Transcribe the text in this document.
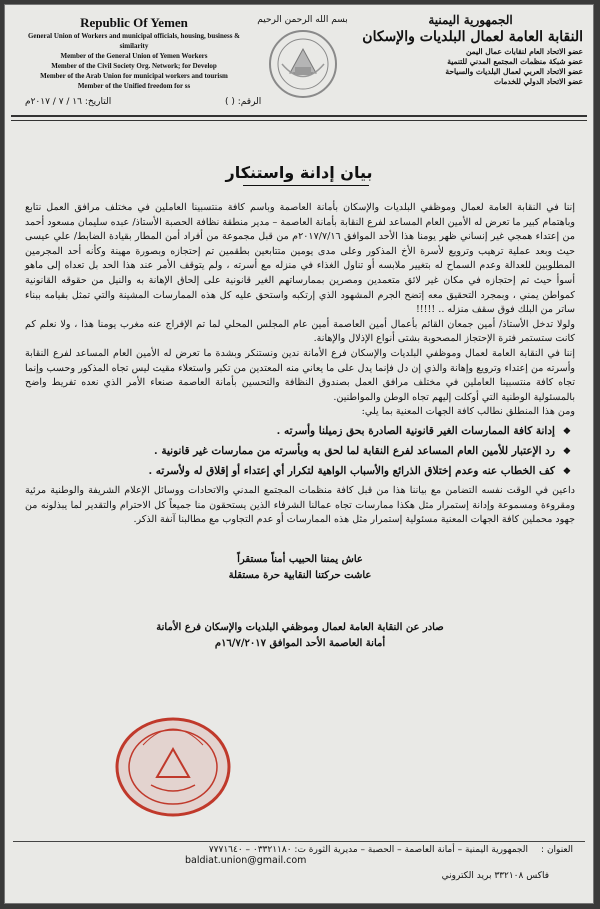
Republic Of Yemen
General Union of Workers and municipal officials, housing, business & similarity
Member of the General Union of Yemen Workers
Member of the Civil Society Org. Network; for Develop
Member of the Arab Union for municipal workers and tourism
Member of the Unified freedom for ss
بسم الله الرحمن الرحيم	الجمهورية اليمنية
النقابة العامة لعمال البلديات والإسكان
عضو الاتحاد العام لنقابات عمال اليمن
عضو شبكة منظمات المجتمع المدني للتنمية
عضو الاتحاد العربي لعمال البلديات والسياحة
عضو الاتحاد الدولي للخدمات
التاريخ: ١٦ / ٧ / ٢٠١٧م	الرقم: ( )
بيان إدانة واستنكار

إننا في النقابة العامة لعمال وموظفي البلديات والإسكان بأمانة العاصمة وباسم كافة منتسبينا العاملين في مختلف مرافق العمل نتابع وباهتمام كبير ما تعرض له الأمين العام المساعد لفرع النقابة بأمانة العاصمة – مدير منطقة نظافة الحصبة الأستاذ/ عبده سليمان مسعود أحمد من إعتداء همجي غير إنساني ظهر يومنا هذا الأحد الموافق ٢٠١٧/٧/١٦م من قبل مجموعة من أفراد أمن المطار بقيادة الضابط/ علي عيسى حيث وبعد عملية ترهيب وترويع لأسرة الأخ المذكور وعلى مدى يومين متتابعين بطقمين تم إحتجازه وبصورة مهينة وكأنه أحد المجرمين المطلوبين للعدالة وعدم السماح له بتغيير ملابسه أو تناول الغذاء في منزله مع أسرته ، ولم يتوقف الأمر عند هذا الحد بل تعداه إلى ماهو أسوأ حيث تم إحتجازه في مكان غير لائق متعمدين ومصرين بممارساتهم الغير قانونية على إلحاق الإهانة به والنيل من حقوقه القانونية كمواطن يمني ، وبمجرد التحقيق معه إتضح الجرم المشهود الذي إرتكبه واستحق عليه كل هذه الممارسات المشينة والتي تمثل بقيامه ببناء ساتر من البلك فوق سقف منزله .. !!!!!

ولولا تدخل الأستاذ/ أمين جمعان القائم بأعمال أمين العاصمة أمين عام المجلس المحلي لما تم الإفراج عنه مغرب يومنا هذا ، ولا نعلم كم كانت ستستمر فترة الإحتجاز المصحوبة بشتى أنواع الإذلال والإهانة.

إننا في النقابة العامة لعمال وموظفي البلديات والإسكان فرع الأمانة ندين ونستنكر وبشدة ما تعرض له الأمين العام المساعد لفرع النقابة وأسرته من إعتداء وترويع وإهانة والذي إن دل فإنما يدل على ما يعاني منه المعتدين من تكبر واستعلاء مقيت ليس تجاه المذكور وحسب وإنما تجاه كافة منتسبينا العاملين في مختلف مرافق العمل بصندوق النظافة والتحسين بأمانة العاصمة صنعاء الأمر الذي نعده تفريط واضح بالمسئولية الوطنية التي أوكلت إليهم تجاه الوطن والمواطنين.

ومن هذا المنطلق نطالب كافة الجهات المعنية بما يلي:

❖إدانة كافة الممارسات الغير قانونية الصادرة بحق زميلنا وأسرته .
❖رد الإعتبار للأمين العام المساعد لفرع النقابة لما لحق به وبأسرته من ممارسات غير قانونية .
❖كف الخطاب عنه وعدم إختلاق الذرائع والأسباب الواهية لتكرار أي إعتداء أو إقلاق له ولأسرته .

داعين في الوقت نفسه التضامن مع بياننا هذا من قبل كافة منظمات المجتمع المدني والاتحادات ووسائل الإعلام الشريفة والوطنية مرئية ومقروءة ومسموعة وإدانة إستمرار مثل هكذا ممارسات تجاه عمالنا الشرفاء الذين يستحقون منا جميعاً كل الاحترام والتقدير لما يبذلونه من جهود محملين كافة الجهات المعنية مسئولية إستمرار مثل هذه الممارسات أو عدم التجاوب مع مطالبنا آنفة الذكر.

عاش يمننا الحبيب أمناً مستقراً
عاشت حركتنا النقابية حرة مستقلة
صادر عن النقابة العامة لعمال وموظفي البلديات والإسكان فرع الأمانة
أمانة العاصمة الأحد الموافق ١٦/٧/٢٠١٧م
العنوان :
الجمهورية اليمنية – أمانة العاصمة – الحصبة – مديرية الثورة ت: ٠٣٣٢١١٨٠ – ٧٧٧١٦٤٠
فاكس ٣٣٢١٠٨ بريد الكتروني
baldiat.union@gmail.com
